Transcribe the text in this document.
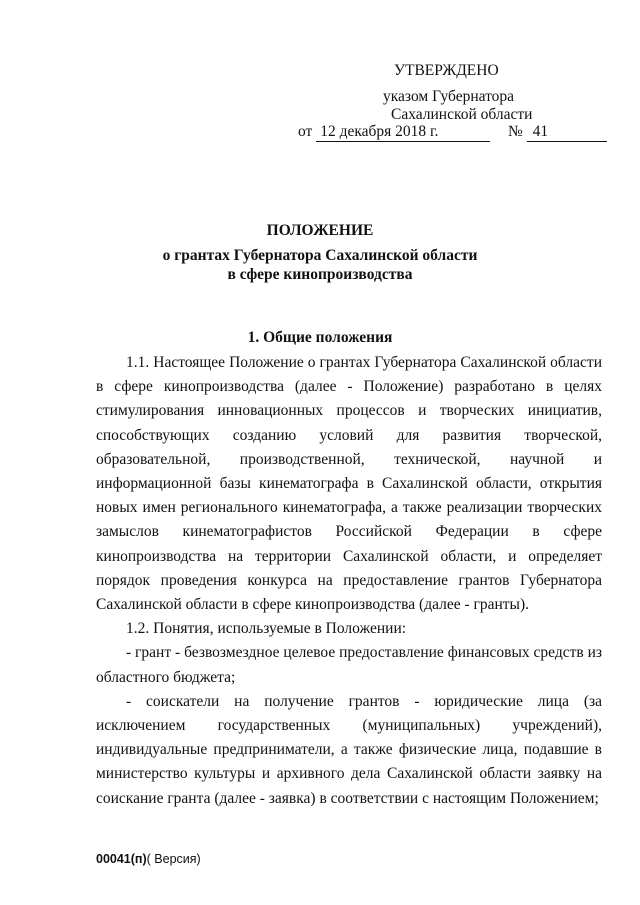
УТВЕРЖДЕНО
указом Губернатора
Сахалинской области
от 12 декабря 2018 г.	№ 41
ПОЛОЖЕНИЕ
о грантах Губернатора Сахалинской области
в сфере кинопроизводства
1. Общие положения

1.1. Настоящее Положение о грантах Губернатора Сахалинской области в сфере кинопроизводства (далее - Положение) разработано в целях стимулирования инновационных процессов и творческих инициатив, способствующих созданию условий для развития творческой, образовательной, производственной, технической, научной и информационной базы кинематографа в Сахалинской области, открытия новых имен регионального кинематографа, а также реализации творческих замыслов кинематографистов Российской Федерации в сфере кинопроизводства на территории Сахалинской области, и определяет порядок проведения конкурса на предоставление грантов Губернатора Сахалинской области в сфере кинопроизводства (далее - гранты).

1.2. Понятия, используемые в Положении:

- грант - безвозмездное целевое предоставление финансовых средств из областного бюджета;

- соискатели на получение грантов - юридические лица (за исключением государственных (муниципальных) учреждений), индивидуальные предприниматели, а также физические лица, подавшие в министерство культуры и архивного дела Сахалинской области заявку на соискание гранта (далее - заявка) в соответствии с настоящим Положением;

00041(п)( Версия)
